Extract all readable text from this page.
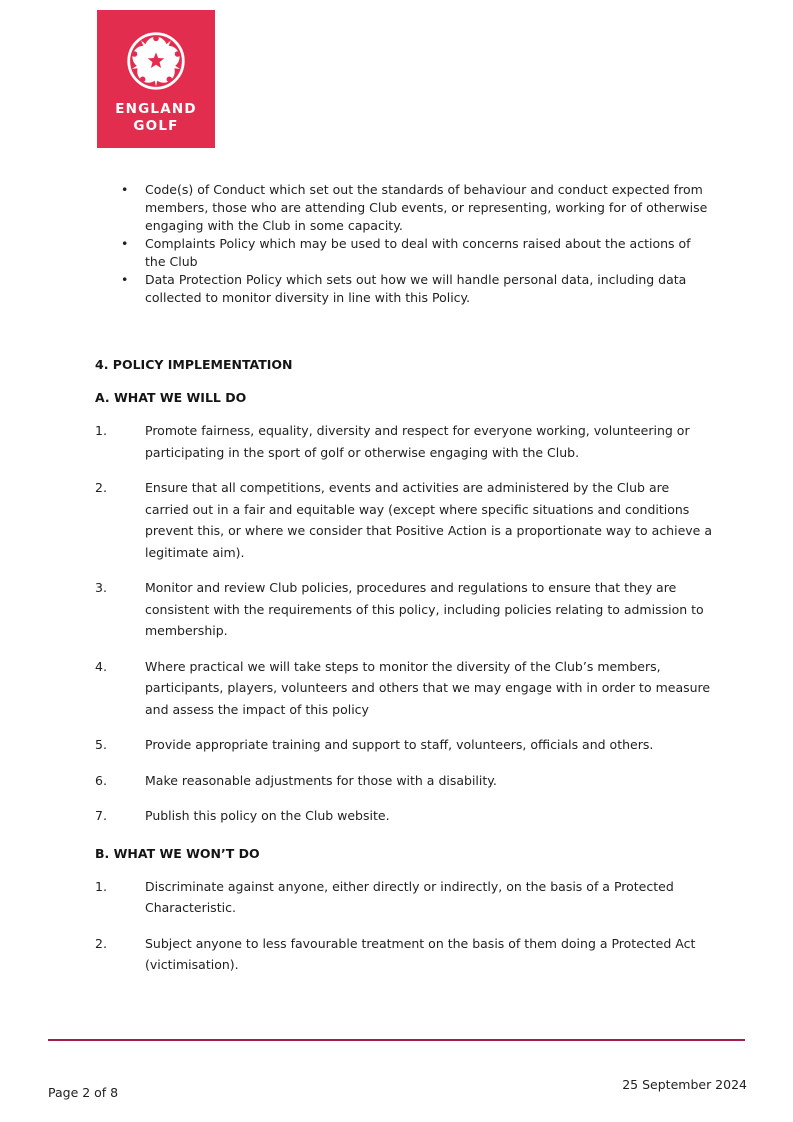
ENGLAND
GOLF
• Code(s) of Conduct which set out the standards of behaviour and conduct expected from members, those who are attending Club events, or representing, working for of otherwise engaging with the Club in some capacity.
• Complaints Policy which may be used to deal with concerns raised about the actions of the Club
• Data Protection Policy which sets out how we will handle personal data, including data collected to monitor diversity in line with this Policy.
4. POLICY IMPLEMENTATION
A. WHAT WE WILL DO
1.	Promote fairness, equality, diversity and respect for everyone working, volunteering or participating in the sport of golf or otherwise engaging with the Club.
2.	Ensure that all competitions, events and activities are administered by the Club are carried out in a fair and equitable way (except where specific situations and conditions prevent this, or where we consider that Positive Action is a proportionate way to achieve a legitimate aim).
3.	Monitor and review Club policies, procedures and regulations to ensure that they are consistent with the requirements of this policy, including policies relating to admission to membership.
4.	Where practical we will take steps to monitor the diversity of the Club’s members, participants, players, volunteers and others that we may engage with in order to measure and assess the impact of this policy
5.	Provide appropriate training and support to staff, volunteers, officials and others.
6.	Make reasonable adjustments for those with a disability.
7.	Publish this policy on the Club website.
B. WHAT WE WON’T DO
1.	Discriminate against anyone, either directly or indirectly, on the basis of a Protected Characteristic.
2.	Subject anyone to less favourable treatment on the basis of them doing a Protected Act (victimisation).
Page 2 of 8
25 September 2024
